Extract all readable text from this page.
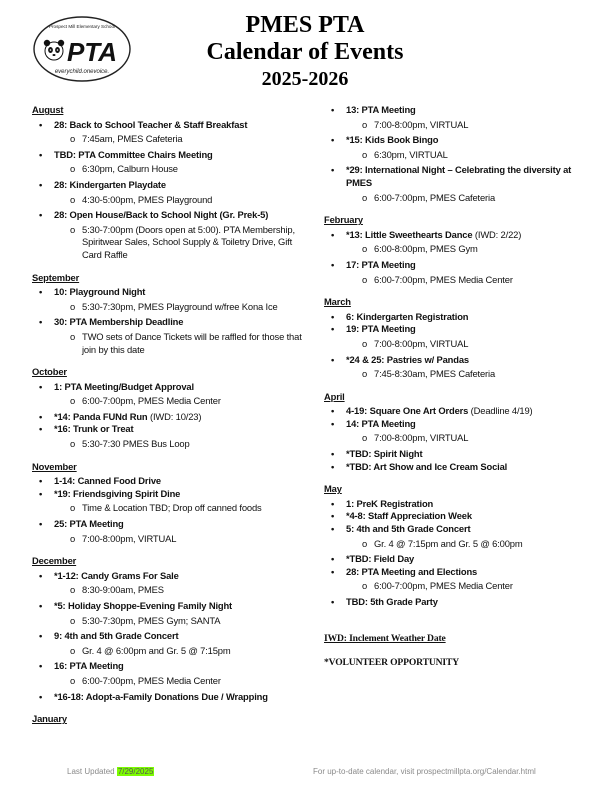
Prospect Mill Elementary School
PTA
everychild.onevoice.
PMES PTA
Calendar of Events
2025-2026
August
• 28: Back to School Teacher & Staff Breakfast
o 7:45am, PMES Cafeteria
• TBD: PTA Committee Chairs Meeting
o 6:30pm, Calburn House
• 28: Kindergarten Playdate
o 4:30-5:00pm, PMES Playground
• 28: Open House/Back to School Night (Gr. Prek-5)
o 5:30-7:00pm (Doors open at 5:00). PTA Membership, Spiritwear Sales, School Supply & Toiletry Drive, Gift Card Raffle
September
• 10: Playground Night
o 5:30-7:30pm, PMES Playground w/free Kona Ice
• 30: PTA Membership Deadline
o TWO sets of Dance Tickets will be raffled for those that join by this date
October
• 1: PTA Meeting/Budget Approval
o 6:00-7:00pm, PMES Media Center
• *14: Panda FUNd Run (IWD: 10/23)
• *16: Trunk or Treat
o 5:30-7:30 PMES Bus Loop
November
• 1-14: Canned Food Drive
• *19: Friendsgiving Spirit Dine
o Time & Location TBD; Drop off canned foods
• 25: PTA Meeting
o 7:00-8:00pm, VIRTUAL
December
• *1-12: Candy Grams For Sale
o 8:30-9:00am, PMES
• *5: Holiday Shoppe-Evening Family Night
o 5:30-7:30pm, PMES Gym; SANTA
• 9: 4th and 5th Grade Concert
o Gr. 4 @ 6:00pm and Gr. 5 @ 7:15pm
• 16: PTA Meeting
o 6:00-7:00pm, PMES Media Center
• *16-18: Adopt-a-Family Donations Due / Wrapping
January
• 13: PTA Meeting
o 7:00-8:00pm, VIRTUAL
• *15: Kids Book Bingo
o 6:30pm, VIRTUAL
• *29: International Night – Celebrating the diversity at PMES
o 6:00-7:00pm, PMES Cafeteria
February
• *13: Little Sweethearts Dance (IWD: 2/22)
o 6:00-8:00pm, PMES Gym
• 17: PTA Meeting
o 6:00-7:00pm, PMES Media Center
March
• 6: Kindergarten Registration
• 19: PTA Meeting
o 7:00-8:00pm, VIRTUAL
• *24 & 25: Pastries w/ Pandas
o 7:45-8:30am, PMES Cafeteria
April
• 4-19: Square One Art Orders (Deadline 4/19)
• 14: PTA Meeting
o 7:00-8:00pm, VIRTUAL
• *TBD: Spirit Night
• *TBD: Art Show and Ice Cream Social
May
• 1: PreK Registration
• *4-8: Staff Appreciation Week
• 5: 4th and 5th Grade Concert
o Gr. 4 @ 7:15pm and Gr. 5 @ 6:00pm
• *TBD: Field Day
• 28: PTA Meeting and Elections
o 6:00-7:00pm, PMES Media Center
• TBD: 5th Grade Party
IWD: Inclement Weather Date
*VOLUNTEER OPPORTUNITY
Last Updated 7/29/2025	For up-to-date calendar, visit prospectmillpta.org/Calendar.html
